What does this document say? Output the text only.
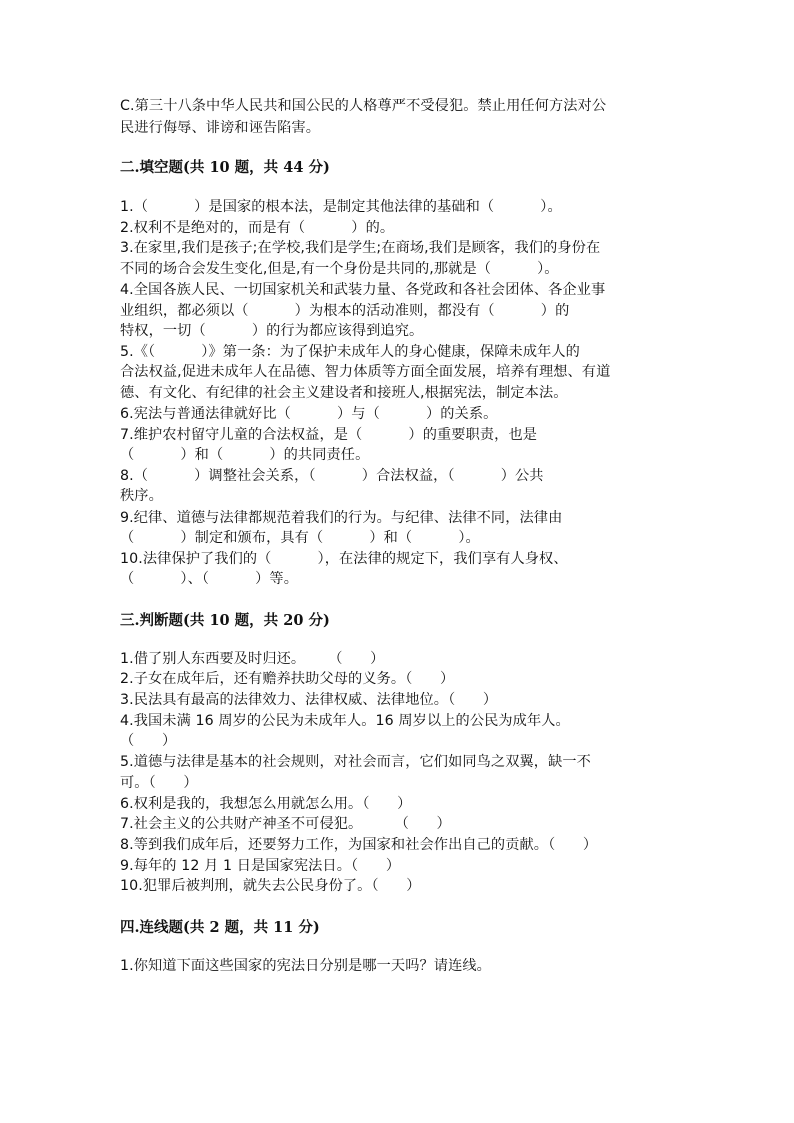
C.第三十八条中华人民共和国公民的人格尊严不受侵犯。禁止用任何方法对公
民进行侮辱、诽谤和诬告陷害。
二.填空题(共 10 题，共 44 分)
1.（          ）是国家的根本法，是制定其他法律的基础和（          ）。
2.权利不是绝对的，而是有（          ）的。
3.在家里,我们是孩子;在学校,我们是学生;在商场,我们是顾客，我们的身份在
不同的场合会发生变化,但是,有一个身份是共同的,那就是（          ）。
4.全国各族人民、一切国家机关和武装力量、各党政和各社会团体、各企业事
业组织，都必须以（          ）为根本的活动准则，都没有（          ）的
特权，一切（          ）的行为都应该得到追究。
5.《（          ）》第一条：为了保护未成年人的身心健康，保障未成年人的
合法权益,促进未成年人在品德、智力体质等方面全面发展，培养有理想、有道
德、有文化、有纪律的社会主义建设者和接班人,根据宪法，制定本法。
6.宪法与普通法律就好比（          ）与（          ）的关系。
7.维护农村留守儿童的合法权益，是（          ）的重要职责，也是
（          ）和（          ）的共同责任。
8.（          ）调整社会关系，（          ）合法权益，（          ）公共
秩序。
9.纪律、道德与法律都规范着我们的行为。与纪律、法律不同，法律由
（          ）制定和颁布，具有（          ）和（          ）。
10.法律保护了我们的（          ），在法律的规定下，我们享有人身权、
（          ）、（          ）等。
三.判断题(共 10 题，共 20 分)
1.借了别人东西要及时归还。     （      ）
2.子女在成年后，还有赡养扶助父母的义务。（      ）
3.民法具有最高的法律效力、法律权威、法律地位。（      ）
4.我国未满 16 周岁的公民为未成年人。16 周岁以上的公民为成年人。
（      ）
5.道德与法律是基本的社会规则，对社会而言，它们如同鸟之双翼，缺一不
可。（      ）
6.权利是我的，我想怎么用就怎么用。（      ）
7.社会主义的公共财产神圣不可侵犯。       （      ）
8.等到我们成年后，还要努力工作，为国家和社会作出自己的贡献。（      ）
9.每年的 12 月 1 日是国家宪法日。（      ）
10.犯罪后被判刑，就失去公民身份了。（      ）
四.连线题(共 2 题，共 11 分)
1.你知道下面这些国家的宪法日分别是哪一天吗？请连线。
